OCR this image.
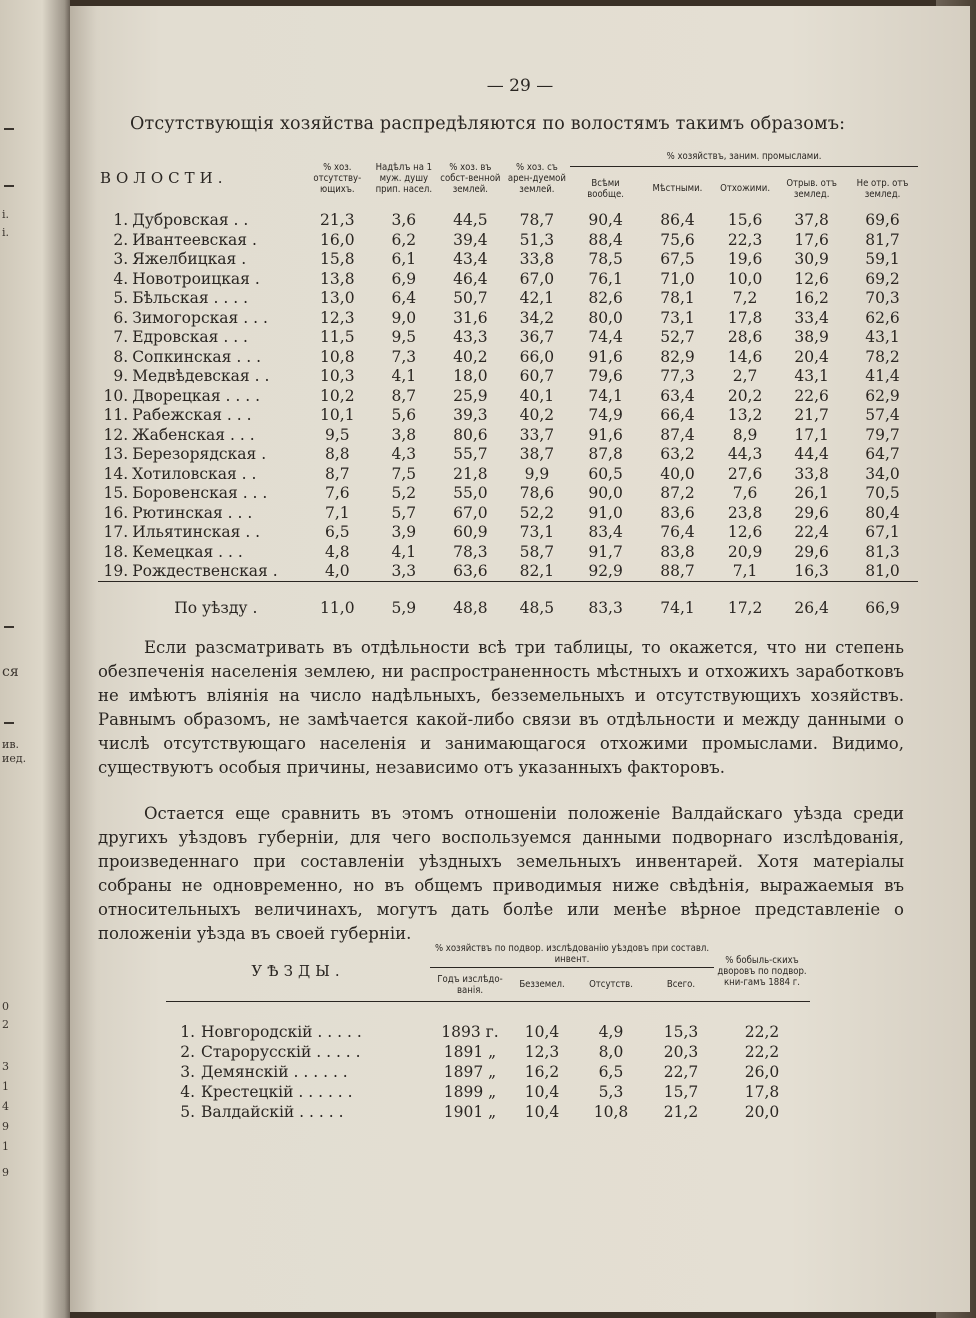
і.
і.
ся
ив.
иед.
0
2
3
1
4
9
1
9
— 29 —
Отсутствующія хозяйства распредѣляются по волостямъ такимъ образомъ:
ВОЛОСТИ.		% хоз. отсутству-ющихъ.	Надѣлъ на 1 муж. душу прип. насел.	% хоз. въ собст-венной землей.	% хоз. съ арен-дуемой землей.	% хозяйствъ, заним. промыслами.				
						Всѣми вообще.	Мѣстными.	Отхожими.	Отрыв. отъ землед.	Не отр. отъ землед.
1.	Дубровская . .	21,3	3,6	44,5	78,7	90,4	86,4	15,6	37,8	69,6
2.	Ивантеевская .	16,0	6,2	39,4	51,3	88,4	75,6	22,3	17,6	81,7
3.	Яжелбицкая .	15,8	6,1	43,4	33,8	78,5	67,5	19,6	30,9	59,1
4.	Новотроицкая .	13,8	6,9	46,4	67,0	76,1	71,0	10,0	12,6	69,2
5.	Бѣльская . . . .	13,0	6,4	50,7	42,1	82,6	78,1	7,2	16,2	70,3
6.	Зимогорская . . .	12,3	9,0	31,6	34,2	80,0	73,1	17,8	33,4	62,6
7.	Едровская . . .	11,5	9,5	43,3	36,7	74,4	52,7	28,6	38,9	43,1
8.	Сопкинская . . .	10,8	7,3	40,2	66,0	91,6	82,9	14,6	20,4	78,2
9.	Медвѣдевская . .	10,3	4,1	18,0	60,7	79,6	77,3	2,7	43,1	41,4
10.	Дворецкая . . . .	10,2	8,7	25,9	40,1	74,1	63,4	20,2	22,6	62,9
11.	Рабежская . . .	10,1	5,6	39,3	40,2	74,9	66,4	13,2	21,7	57,4
12.	Жабенская . . .	9,5	3,8	80,6	33,7	91,6	87,4	8,9	17,1	79,7
13.	Березорядская .	8,8	4,3	55,7	38,7	87,8	63,2	44,3	44,4	64,7
14.	Хотиловская . .	8,7	7,5	21,8	9,9	60,5	40,0	27,6	33,8	34,0
15.	Боровенская . . .	7,6	5,2	55,0	78,6	90,0	87,2	7,6	26,1	70,5
16.	Рютинская . . .	7,1	5,7	67,0	52,2	91,0	83,6	23,8	29,6	80,4
17.	Ильятинская . .	6,5	3,9	60,9	73,1	83,4	76,4	12,6	22,4	67,1
18.	Кемецкая . . .	4,8	4,1	78,3	58,7	91,7	83,8	20,9	29,6	81,3
19.	Рождественская .	4,0	3,3	63,6	82,1	92,9	88,7	7,1	16,3	81,0

	По уѣзду .	11,0	5,9	48,8	48,5	83,3	74,1	17,2	26,4	66,9

Если разсматривать въ отдѣльности всѣ три таблицы, то окажется, что ни степень обезпеченія населенія землею, ни распространенность мѣстныхъ и отхожихъ заработковъ не имѣютъ вліянія на число надѣльныхъ, безземельныхъ и отсутствующихъ хозяйствъ. Равнымъ образомъ, не замѣчается какой-либо связи въ отдѣльности и между данными о числѣ отсутствующаго населенія и занимающагося отхожими промыслами. Видимо, существуютъ особыя причины, независимо отъ указанныхъ факторовъ.

Остается еще сравнить въ этомъ отношеніи положеніе Валдайскаго уѣзда среди другихъ уѣздовъ губерніи, для чего воспользуемся данными подворнаго изслѣдованія, произведеннаго при составленіи уѣздныхъ земельныхъ инвентарей. Хотя матеріалы собраны не одновременно, но въ общемъ приводимыя ниже свѣдѣнія, выражаемыя въ относительныхъ величинахъ, могутъ дать болѣе или менѣе вѣрное представленіе о положеніи уѣзда въ своей губерніи.

УѢЗДЫ.		% хозяйствъ по подвор. изслѣдованію уѣздовъ при составл. инвент.				% бобыль-скихъ дворовъ по подвор. кни-гамъ 1884 г.
		Годъ изслѣдо-ванія.	Безземел.	Отсутств.	Всего.	

1.	Новгородскій . . . . .	1893 г.	10,4	4,9	15,3	22,2
2.	Старорусскій . . . . .	1891 „	12,3	8,0	20,3	22,2
3.	Демянскій . . . . . .	1897 „	16,2	6,5	22,7	26,0
4.	Крестецкій . . . . . .	1899 „	10,4	5,3	15,7	17,8
5.	Валдайскій . . . . .	1901 „	10,4	10,8	21,2	20,0
